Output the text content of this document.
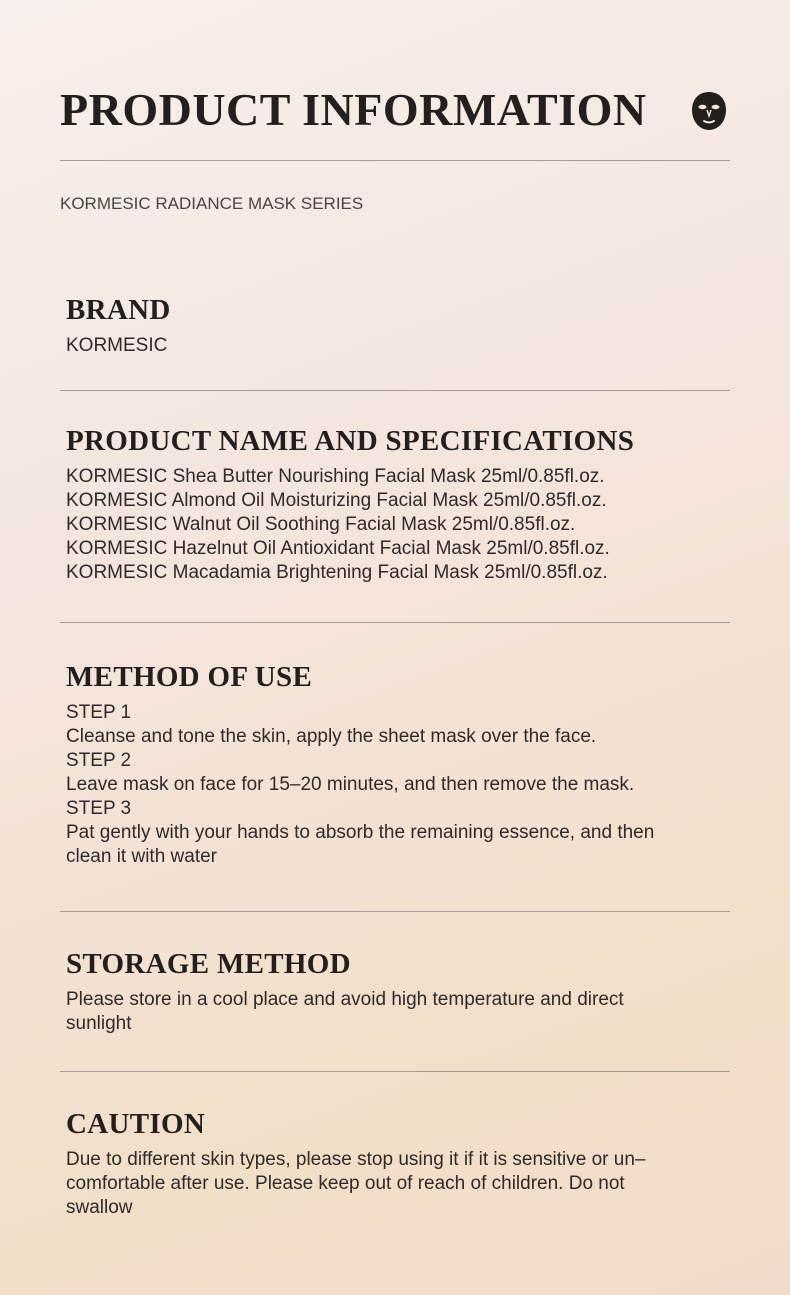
PRODUCT INFORMATION
KORMESIC RADIANCE MASK SERIES
BRAND
KORMESIC
PRODUCT NAME AND SPECIFICATIONS
KORMESIC Shea Butter Nourishing Facial Mask 25ml/0.85fl.oz.
KORMESIC Almond Oil Moisturizing Facial Mask 25ml/0.85fl.oz.
KORMESIC Walnut Oil Soothing Facial Mask 25ml/0.85fl.oz.
KORMESIC Hazelnut Oil Antioxidant Facial Mask 25ml/0.85fl.oz.
KORMESIC Macadamia Brightening Facial Mask 25ml/0.85fl.oz.
METHOD OF USE
STEP 1
Cleanse and tone the skin, apply the sheet mask over the face.
STEP 2
Leave mask on face for 15–20 minutes, and then remove the mask.
STEP 3
Pat gently with your hands to absorb the remaining essence, and then
clean it with water
STORAGE METHOD
Please store in a cool place and avoid high temperature and direct
sunlight
CAUTION
Due to different skin types, please stop using it if it is sensitive or un–
comfortable after use. Please keep out of reach of children. Do not
swallow
